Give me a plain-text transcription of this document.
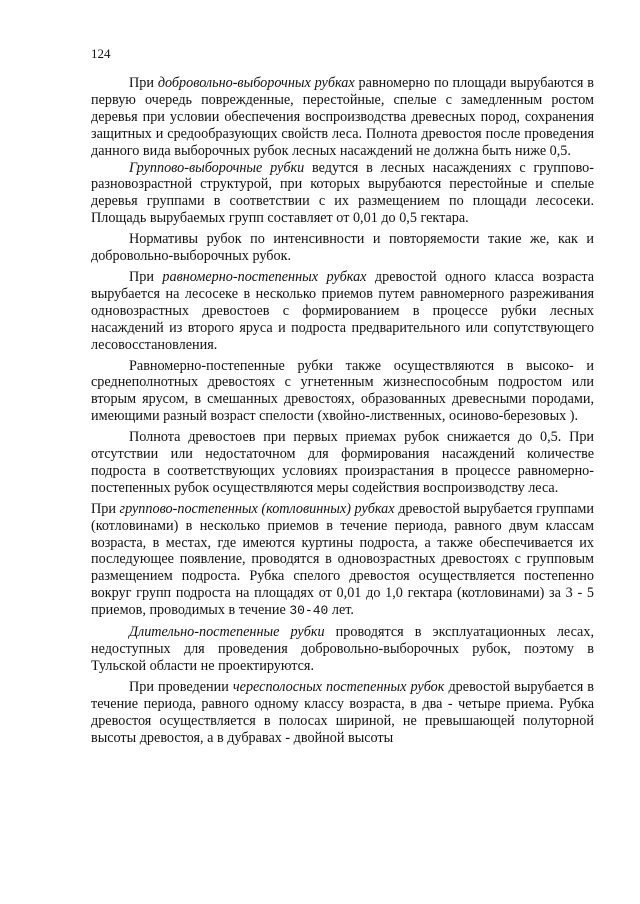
124

При добровольно-выборочных рубках равномерно по площади вырубаются в первую очередь поврежденные, перестойные, спелые с замедленным ростом деревья при условии обеспечения воспроизводства древесных пород, сохранения защитных и средообразующих свойств леса. Полнота древостоя после проведения данного вида выборочных рубок лесных насаждений не должна быть ниже 0,5.

Группово-выборочные рубки ведутся в лесных насаждениях с группово-разновозрастной структурой, при которых вырубаются перестойные и спелые деревья группами в соответствии с их размещением по площади лесосеки. Площадь вырубаемых групп составляет от 0,01 до 0,5 гектара.

Нормативы рубок по интенсивности и повторяемости такие же, как и добровольно-выборочных рубок.

При равномерно-постепенных рубках древостой одного класса возраста вырубается на лесосеке в несколько приемов путем равномерного разреживания одновозрастных древостоев с формированием в процессе рубки лесных насаждений из второго яруса и подроста предварительного или сопутствующего лесовосстановления.

Равномерно-постепенные рубки также осуществляются в высоко- и среднеполнотных древостоях с угнетенным жизнеспособным подростом или вторым ярусом, в смешанных древостоях, образованных древесными породами, имеющими разный возраст спелости (хвойно-лиственных, осиново-березовых ).

Полнота древостоев при первых приемах рубок снижается до 0,5. При отсутствии или недостаточном для формирования насаждений количестве подроста в соответствующих условиях произрастания в процессе равномерно-постепенных рубок осуществляются меры содействия воспроизводству леса.

При группово-постепенных (котловинных) рубках древостой вырубается группами (котловинами) в несколько приемов в течение периода, равного двум классам возраста, в местах, где имеются куртины подроста, а также обеспечивается их последующее появление, проводятся в одновозрастных древостоях с групповым размещением подроста. Рубка спелого древостоя осуществляется постепенно вокруг групп подроста на площадях от 0,01 до 1,0 гектара (котловинами) за 3 - 5 приемов, проводимых в течение 30-40 лет.

Длительно-постепенные рубки проводятся в эксплуатационных лесах, недоступных для проведения добровольно-выборочных рубок, поэтому в Тульской области не проектируются.

При проведении чересполосных постепенных рубок древостой вырубается в течение периода, равного одному классу возраста, в два - четыре приема. Рубка древостоя осуществляется в полосах шириной, не превышающей полуторной высоты древостоя, а в дубравах - двойной высоты
